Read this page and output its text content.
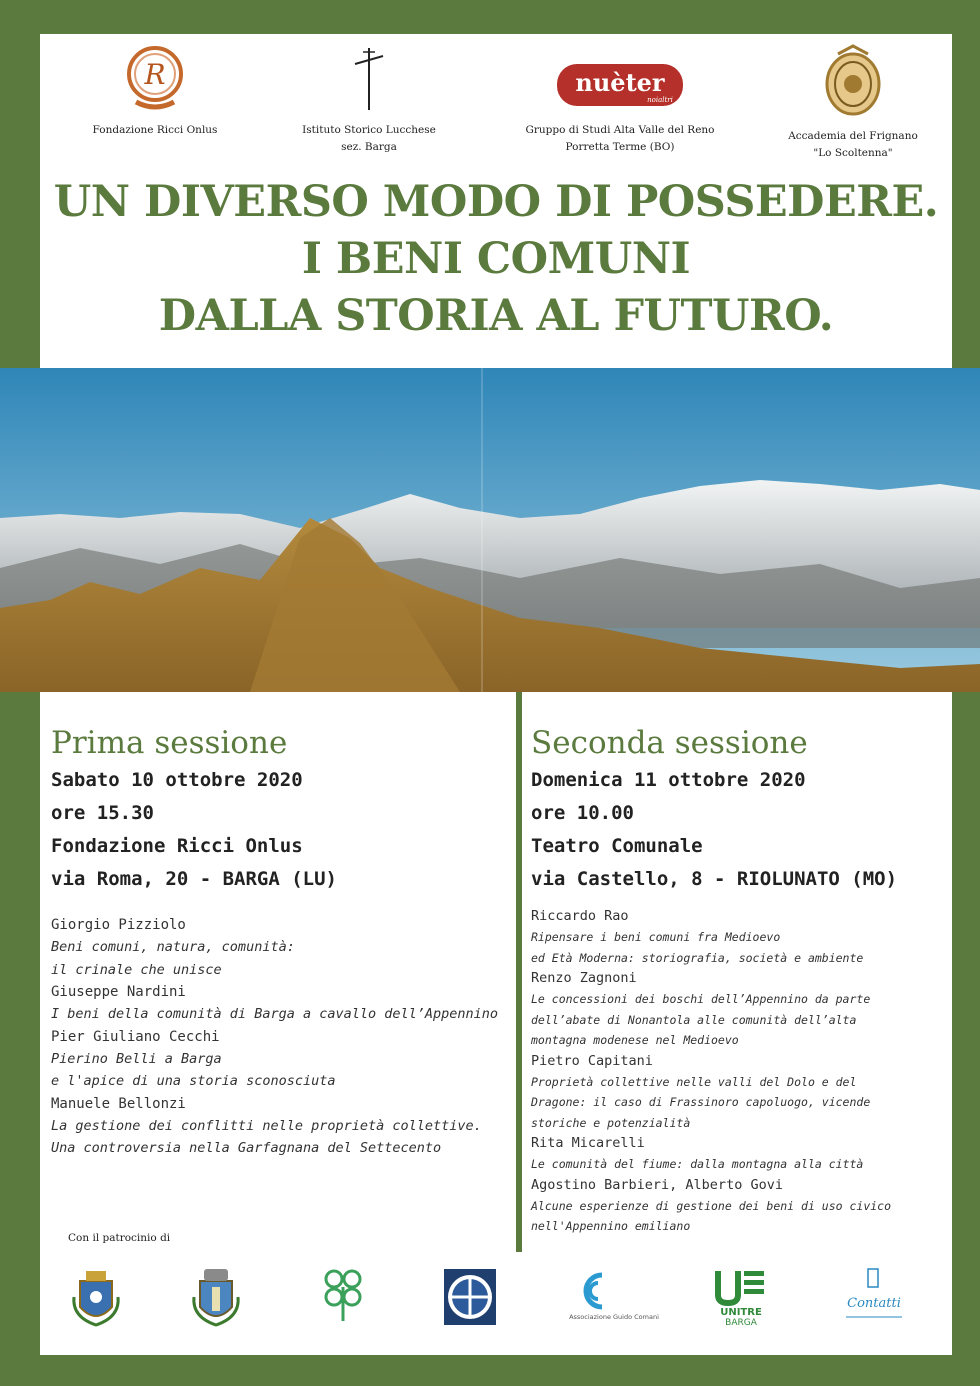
R
Fondazione Ricci Onlus	Istituto Storico Lucchese
sez. Barga
nuèter
noialtri
Gruppo di Studi Alta Valle del Reno
Porretta Terme (BO)
Accademia del Frignano
"Lo Scoltenna"
UN DIVERSO MODO DI POSSEDERE.
I BENI COMUNI
DALLA STORIA AL FUTURO.
Prima sessione
Sabato 10 ottobre 2020
ore 15.30
Fondazione Ricci Onlus
via Roma, 20 - BARGA (LU)
Giorgio Pizziolo
Beni comuni, natura, comunità:
il crinale che unisce
Giuseppe Nardini
I beni della comunità di Barga a cavallo dell’Appennino
Pier Giuliano Cecchi
Pierino Belli a Barga
e l'apice di una storia sconosciuta
Manuele Bellonzi
La gestione dei conflitti nelle proprietà collettive.
Una controversia nella Garfagnana del Settecento
Seconda sessione
Domenica 11 ottobre 2020
ore 10.00
Teatro Comunale
via Castello, 8 - RIOLUNATO (MO)
Riccardo Rao
Ripensare i beni comuni fra Medioevo
ed Età Moderna: storiografia, società e ambiente
Renzo Zagnoni
Le concessioni dei boschi dell’Appennino da parte
dell’abate di Nonantola alle comunità dell’alta
montagna modenese nel Medioevo
Pietro Capitani
Proprietà collettive nelle valli del Dolo e del
Dragone: il caso di Frassinoro capoluogo, vicende
storiche e potenzialità
Rita Micarelli
Le comunità del fiume: dalla montagna alla città
Agostino Barbieri, Alberto Govi
Alcune esperienze di gestione dei beni di uso civico
nell'Appennino emiliano
Con il patrocinio di
Associazione Guido Comani	UNITRE
BARGA
Contatti
